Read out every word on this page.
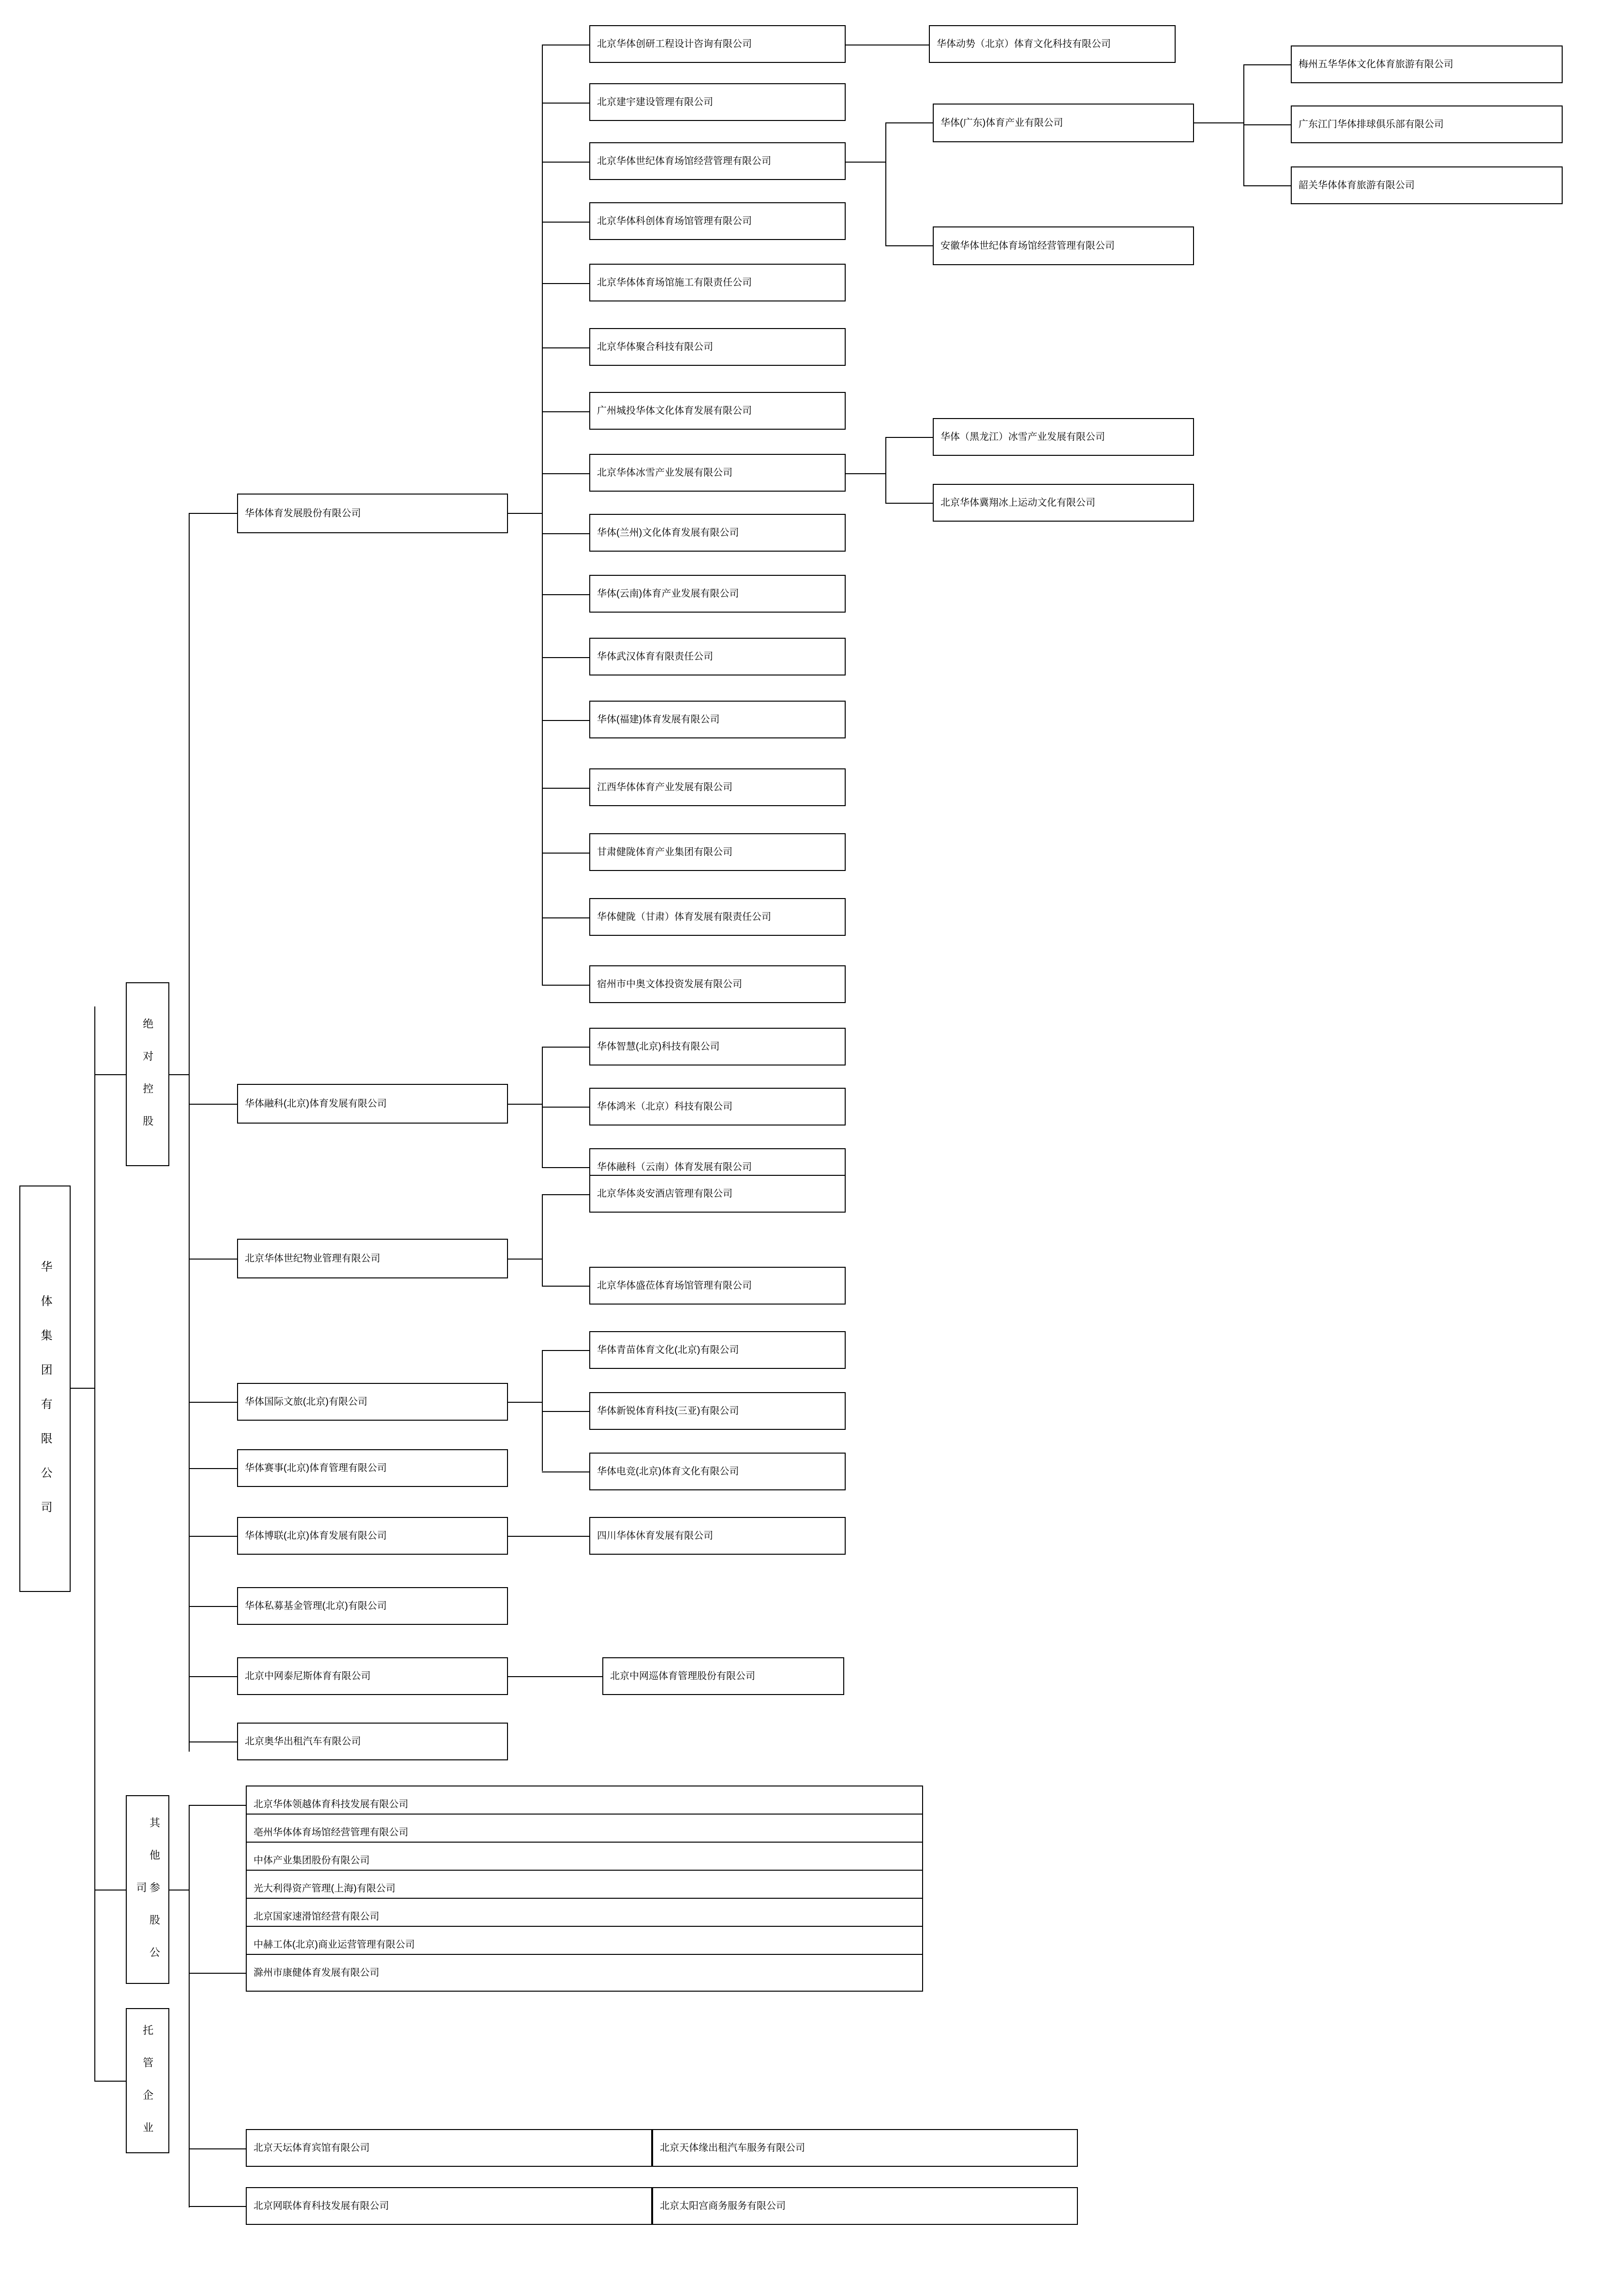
华 体 集 团 有 限 公 司
绝 对 控 股
其 他 参 股 公 司
托 管 企 业
华体体育发展股份有限公司
华体融科(北京)体育发展有限公司
北京华体世纪物业管理有限公司
华体国际文旅(北京)有限公司
华体赛事(北京)体育管理有限公司
华体博联(北京)体育发展有限公司
华体私募基金管理(北京)有限公司
北京中网泰尼斯体育有限公司
北京奥华出租汽车有限公司
北京华体创研工程设计咨询有限公司
北京建宇建设管理有限公司
北京华体世纪体育场馆经营管理有限公司
北京华体科创体育场馆管理有限公司
北京华体体育场馆施工有限责任公司
北京华体聚合科技有限公司
广州城投华体文化体育发展有限公司
北京华体冰雪产业发展有限公司
华体(兰州)文化体育发展有限公司
华体(云南)体育产业发展有限公司
华体武汉体育有限责任公司
华体(福建)体育发展有限公司
江西华体体育产业发展有限公司
甘肃健陇体育产业集团有限公司
华体健陇（甘肃）体育发展有限责任公司
宿州市中奥文体投资发展有限公司
华体动势（北京）体育文化科技有限公司
华体(广东)体育产业有限公司
安徽华体世纪体育场馆经营管理有限公司
梅州五华华体文化体育旅游有限公司
广东江门华体排球俱乐部有限公司
韶关华体体育旅游有限公司
华体（黑龙江）冰雪产业发展有限公司
北京华体冀翔冰上运动文化有限公司
华体智慧(北京)科技有限公司
华体鸿米（北京）科技有限公司
华体融科（云南）体育发展有限公司
北京华体炎安酒店管理有限公司
北京华体盛莅体育场馆管理有限公司
华体青苗体育文化(北京)有限公司
华体新锐体育科技(三亚)有限公司
华体电竞(北京)体育文化有限公司
四川华体休育发展有限公司
北京中网巡体育管理股份有限公司
北京华体领越体育科技发展有限公司
亳州华体体育场馆经营管理有限公司
中体产业集团股份有限公司
光大利得资产管理(上海)有限公司
北京国家速滑馆经营有限公司
中赫工体(北京)商业运营管理有限公司
滁州市康健体育发展有限公司
北京天坛体育宾馆有限公司
北京网联体育科技发展有限公司
北京天体缘出租汽车服务有限公司
北京太阳宫商务服务有限公司
